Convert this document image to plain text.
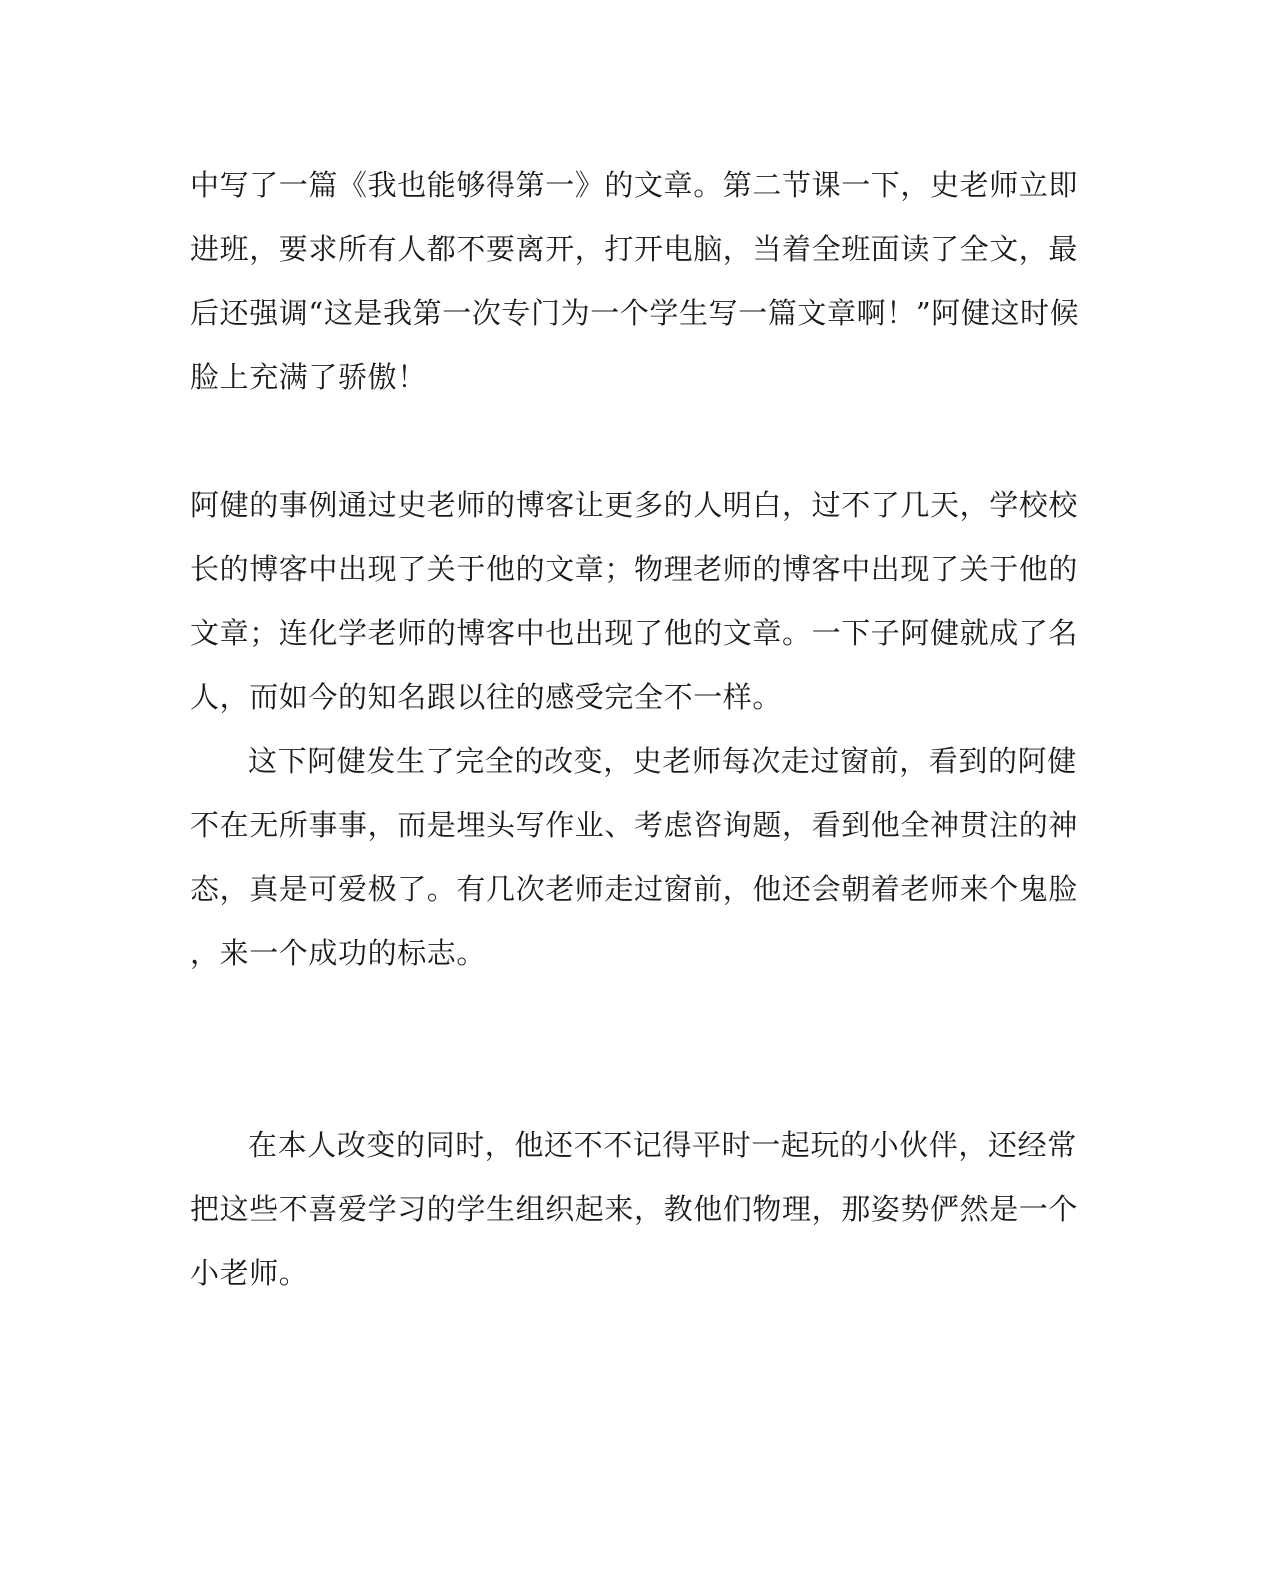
中写了一篇《我也能够得第一》的文章。第二节课一下，史老师立即
进班，要求所有人都不要离开，打开电脑，当着全班面读了全文，最
后还强调“这是我第一次专门为一个学生写一篇文章啊！”阿健这时候
脸上充满了骄傲！
阿健的事例通过史老师的博客让更多的人明白，过不了几天，学校校
长的博客中出现了关于他的文章；物理老师的博客中出现了关于他的
文章；连化学老师的博客中也出现了他的文章。一下子阿健就成了名
人，而如今的知名跟以往的感受完全不一样。
这下阿健发生了完全的改变，史老师每次走过窗前，看到的阿健
不在无所事事，而是埋头写作业、考虑咨询题，看到他全神贯注的神
态，真是可爱极了。有几次老师走过窗前，他还会朝着老师来个鬼脸
，来一个成功的标志。
在本人改变的同时，他还不不记得平时一起玩的小伙伴，还经常
把这些不喜爱学习的学生组织起来，教他们物理，那姿势俨然是一个
小老师。
